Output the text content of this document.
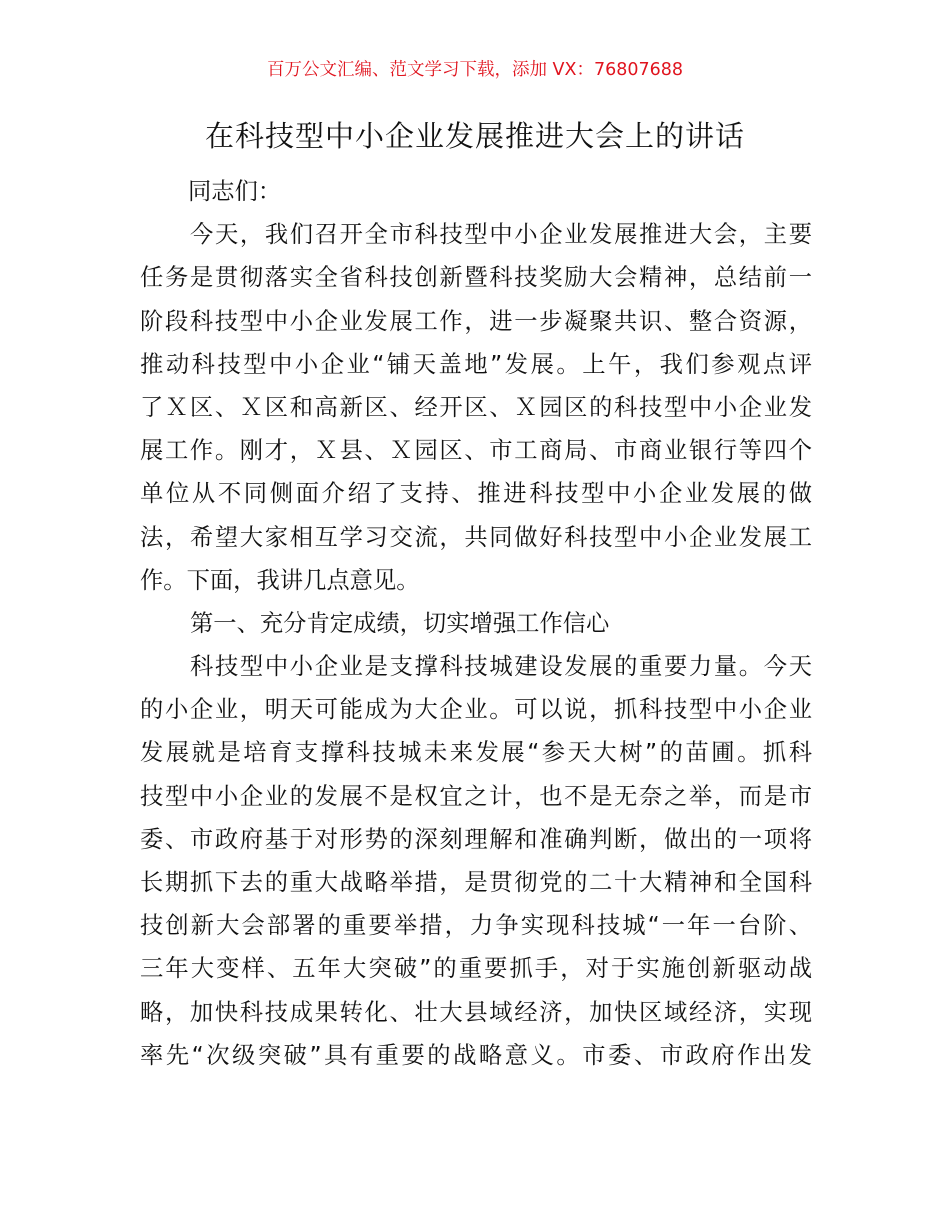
百万公文汇编、范文学习下载，添加 VX：76807688
在科技型中小企业发展推进大会上的讲话
同志们：
今天，我们召开全市科技型中小企业发展推进大会，主要
任务是贯彻落实全省科技创新暨科技奖励大会精神，总结前一
阶段科技型中小企业发展工作，进一步凝聚共识、整合资源，
推动科技型中小企业“铺天盖地”发展。上午，我们参观点评
了Ｘ区、Ｘ区和高新区、经开区、Ｘ园区的科技型中小企业发
展工作。刚才，Ｘ县、Ｘ园区、市工商局、市商业银行等四个
单位从不同侧面介绍了支持、推进科技型中小企业发展的做
法，希望大家相互学习交流，共同做好科技型中小企业发展工
作。下面，我讲几点意见。
第一、充分肯定成绩，切实增强工作信心
科技型中小企业是支撑科技城建设发展的重要力量。今天
的小企业，明天可能成为大企业。可以说，抓科技型中小企业
发展就是培育支撑科技城未来发展“参天大树”的苗圃。抓科
技型中小企业的发展不是权宜之计，也不是无奈之举，而是市
委、市政府基于对形势的深刻理解和准确判断，做出的一项将
长期抓下去的重大战略举措，是贯彻党的二十大精神和全国科
技创新大会部署的重要举措，力争实现科技城“一年一台阶、
三年大变样、五年大突破”的重要抓手，对于实施创新驱动战
略，加快科技成果转化、壮大县域经济，加快区域经济，实现
率先“次级突破”具有重要的战略意义。市委、市政府作出发
